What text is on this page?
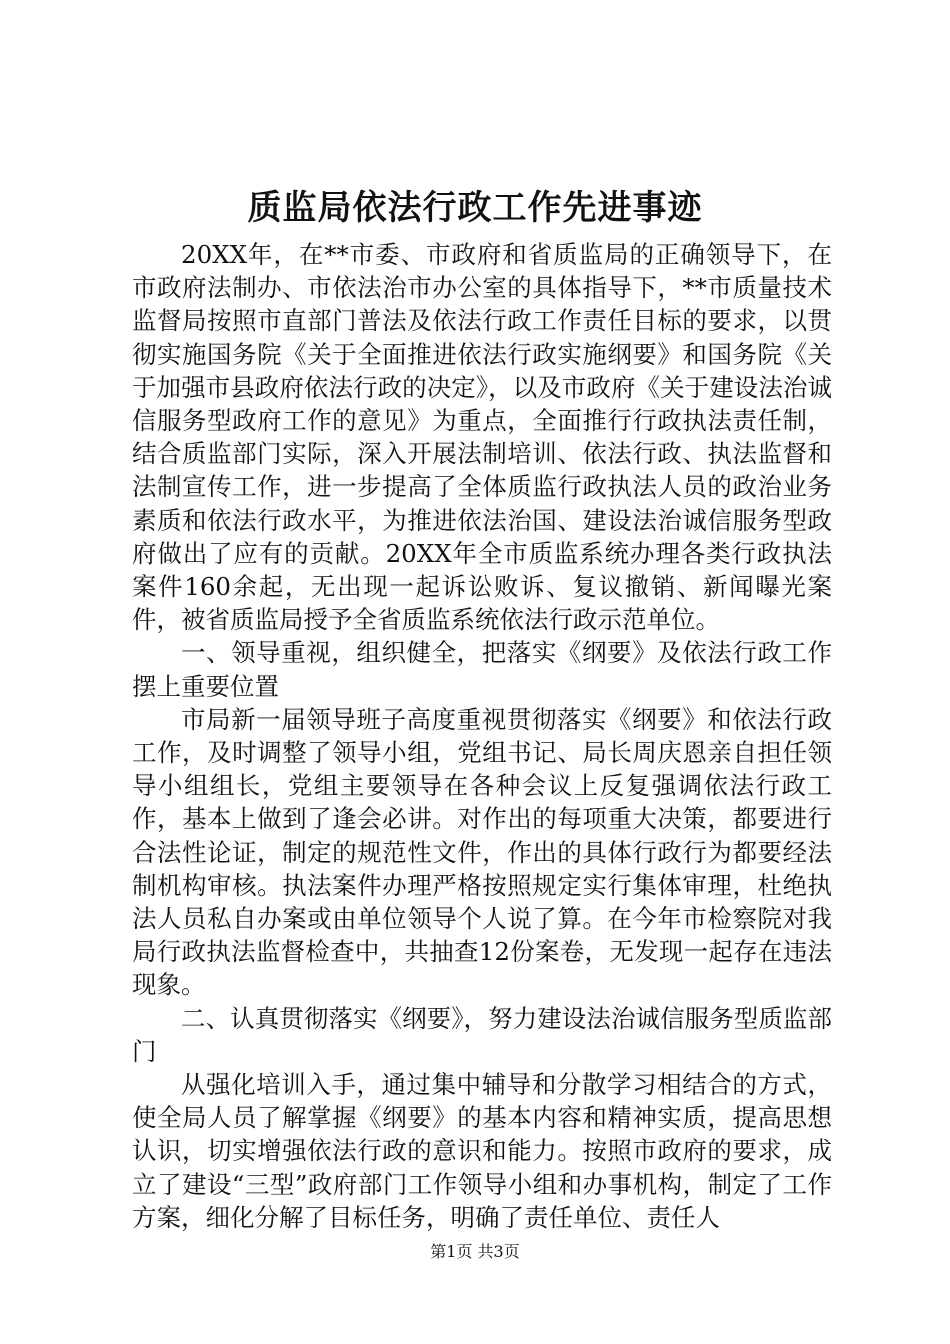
质监局依法行政工作先进事迹

20XX年，在**市委、市政府和省质监局的正确领导下，在市政府法制办、市依法治市办公室的具体指导下，**市质量技术监督局按照市直部门普法及依法行政工作责任目标的要求，以贯彻实施国务院《关于全面推进依法行政实施纲要》和国务院《关于加强市县政府依法行政的决定》，以及市政府《关于建设法治诚信服务型政府工作的意见》为重点，全面推行行政执法责任制，结合质监部门实际，深入开展法制培训、依法行政、执法监督和法制宣传工作，进一步提高了全体质监行政执法人员的政治业务素质和依法行政水平，为推进依法治国、建设法治诚信服务型政府做出了应有的贡献。20XX年全市质监系统办理各类行政执法案件160余起，无出现一起诉讼败诉、复议撤销、新闻曝光案件，被省质监局授予全省质监系统依法行政示范单位。

一、领导重视，组织健全，把落实《纲要》及依法行政工作摆上重要位置

市局新一届领导班子高度重视贯彻落实《纲要》和依法行政工作，及时调整了领导小组，党组书记、局长周庆恩亲自担任领导小组组长，党组主要领导在各种会议上反复强调依法行政工作，基本上做到了逢会必讲。对作出的每项重大决策，都要进行合法性论证，制定的规范性文件，作出的具体行政行为都要经法制机构审核。执法案件办理严格按照规定实行集体审理，杜绝执法人员私自办案或由单位领导个人说了算。在今年市检察院对我局行政执法监督检查中，共抽查12份案卷，无发现一起存在违法现象。

二、认真贯彻落实《纲要》，努力建设法治诚信服务型质监部门

从强化培训入手，通过集中辅导和分散学习相结合的方式，使全局人员了解掌握《纲要》的基本内容和精神实质，提高思想认识，切实增强依法行政的意识和能力。按照市政府的要求，成立了建设“三型”政府部门工作领导小组和办事机构，制定了工作方案，细化分解了目标任务，明确了责任单位、责任人

第1页 共3页
